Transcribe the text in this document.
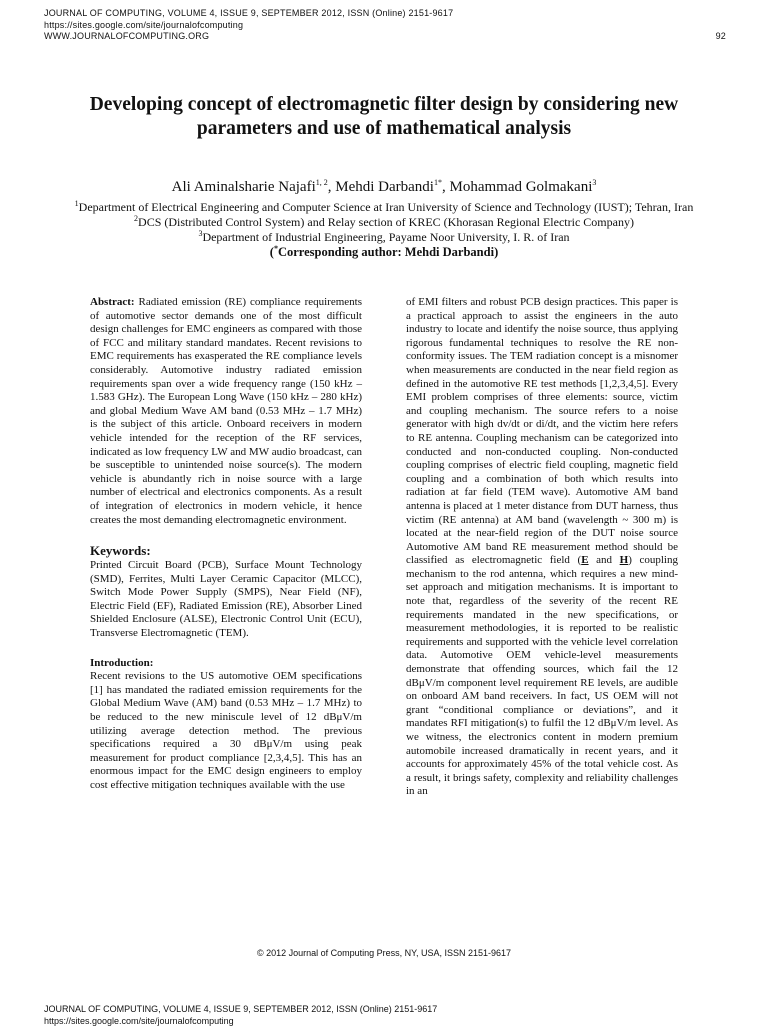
JOURNAL OF COMPUTING, VOLUME 4, ISSUE 9, SEPTEMBER 2012, ISSN (Online) 2151-9617
https://sites.google.com/site/journalofcomputing
WWW.JOURNALOFCOMPUTING.ORG	92
Developing concept of electromagnetic filter design by considering new parameters and use of mathematical analysis
Ali Aminalsharie Najafi$^{1, 2}$, Mehdi Darbandi$^{1*}$, Mohammad Golmakani$^3$
$^1$Department of Electrical Engineering and Computer Science at Iran University of Science and Technology (IUST); Tehran, Iran
$^2$DCS (Distributed Control System) and Relay section of KREC (Khorasan Regional Electric Company)
$^3$Department of Industrial Engineering, Payame Noor University, I. R. of Iran
(*Corresponding author: Mehdi Darbandi)

Abstract: Radiated emission (RE) compliance requirements of automotive sector demands one of the most difficult design challenges for EMC engineers as compared with those of FCC and military standard mandates. Recent revisions to EMC requirements has exasperated the RE compliance levels considerably. Automotive industry radiated emission requirements span over a wide frequency range (150 kHz – 1.583 GHz). The European Long Wave (150 kHz – 280 kHz) and global Medium Wave AM band (0.53 MHz – 1.7 MHz) is the subject of this article. Onboard receivers in modern vehicle intended for the reception of the RF services, indicated as low frequency LW and MW audio broadcast, can be susceptible to unintended noise source(s). The modern vehicle is abundantly rich in noise source with a large number of electrical and electronics components. As a result of integration of electronics in modern vehicle, it hence creates the most demanding electromagnetic environment.

Keywords:

Printed Circuit Board (PCB), Surface Mount Technology (SMD), Ferrites, Multi Layer Ceramic Capacitor (MLCC), Switch Mode Power Supply (SMPS), Near Field (NF), Electric Field (EF), Radiated Emission (RE), Absorber Lined Shielded Enclosure (ALSE), Electronic Control Unit (ECU), Transverse Electromagnetic (TEM).

Introduction:

Recent revisions to the US automotive OEM specifications [1] has mandated the radiated emission requirements for the Global Medium Wave (AM) band (0.53 MHz – 1.7 MHz) to be reduced to the new miniscule level of 12 dBμV/m utilizing average detection method. The previous specifications required a 30 dBμV/m using peak measurement for product compliance [2,3,4,5]. This has an enormous impact for the EMC design engineers to employ cost effective mitigation techniques available with the use

of EMI filters and robust PCB design practices. This paper is a practical approach to assist the engineers in the auto industry to locate and identify the noise source, thus applying rigorous fundamental techniques to resolve the RE non-conformity issues. The TEM radiation concept is a misnomer when measurements are conducted in the near field region as defined in the automotive RE test methods [1,2,3,4,5]. Every EMI problem comprises of three elements: source, victim and coupling mechanism. The source refers to a noise generator with high dv/dt or di/dt, and the victim here refers to RE antenna. Coupling mechanism can be categorized into conducted and non-conducted coupling. Non-conducted coupling comprises of electric field coupling, magnetic field coupling and a combination of both which results into radiation at far field (TEM wave). Automotive AM band antenna is placed at 1 meter distance from DUT harness, thus victim (RE antenna) at AM band (wavelength ~ 300 m) is located at the near-field region of the DUT noise source Automotive AM band RE measurement method should be classified as electromagnetic field (E and H) coupling mechanism to the rod antenna, which requires a new mind-set approach and mitigation mechanisms. It is important to note that, regardless of the severity of the recent RE requirements mandated in the new specifications, or measurement methodologies, it is reported to be realistic requirements and supported with the vehicle level correlation data. Automotive OEM vehicle-level measurements demonstrate that offending sources, which fail the 12 dBμV/m component level requirement RE levels, are audible on onboard AM band receivers. In fact, US OEM will not grant “conditional compliance or deviations”, and it mandates RFI mitigation(s) to fulfil the 12 dBμV/m level. As we witness, the electronics content in modern premium automobile increased dramatically in recent years, and it accounts for approximately 45% of the total vehicle cost. As a result, it brings safety, complexity and reliability challenges in an

© 2012 Journal of Computing Press, NY, USA, ISSN 2151-9617
JOURNAL OF COMPUTING, VOLUME 4, ISSUE 9, SEPTEMBER 2012, ISSN (Online) 2151-9617
https://sites.google.com/site/journalofcomputing
